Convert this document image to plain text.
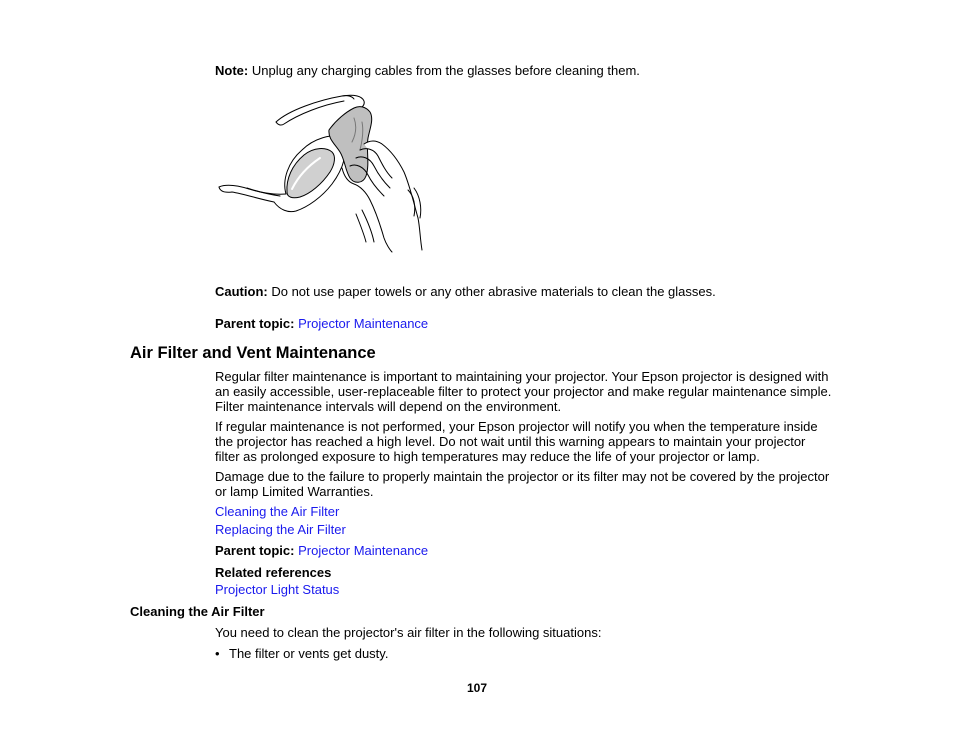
Note: Unplug any charging cables from the glasses before cleaning them.

Caution: Do not use paper towels or any other abrasive materials to clean the glasses.

Parent topic: Projector Maintenance

Air Filter and Vent Maintenance

Regular filter maintenance is important to maintaining your projector. Your Epson projector is designed with an easily accessible, user-replaceable filter to protect your projector and make regular maintenance simple. Filter maintenance intervals will depend on the environment.

If regular maintenance is not performed, your Epson projector will notify you when the temperature inside the projector has reached a high level. Do not wait until this warning appears to maintain your projector filter as prolonged exposure to high temperatures may reduce the life of your projector or lamp.

Damage due to the failure to properly maintain the projector or its filter may not be covered by the projector or lamp Limited Warranties.

Cleaning the Air Filter
Replacing the Air Filter

Parent topic: Projector Maintenance

Related references

Projector Light Status
Cleaning the Air Filter

You need to clean the projector's air filter in the following situations:

• The filter or vents get dusty.

107
